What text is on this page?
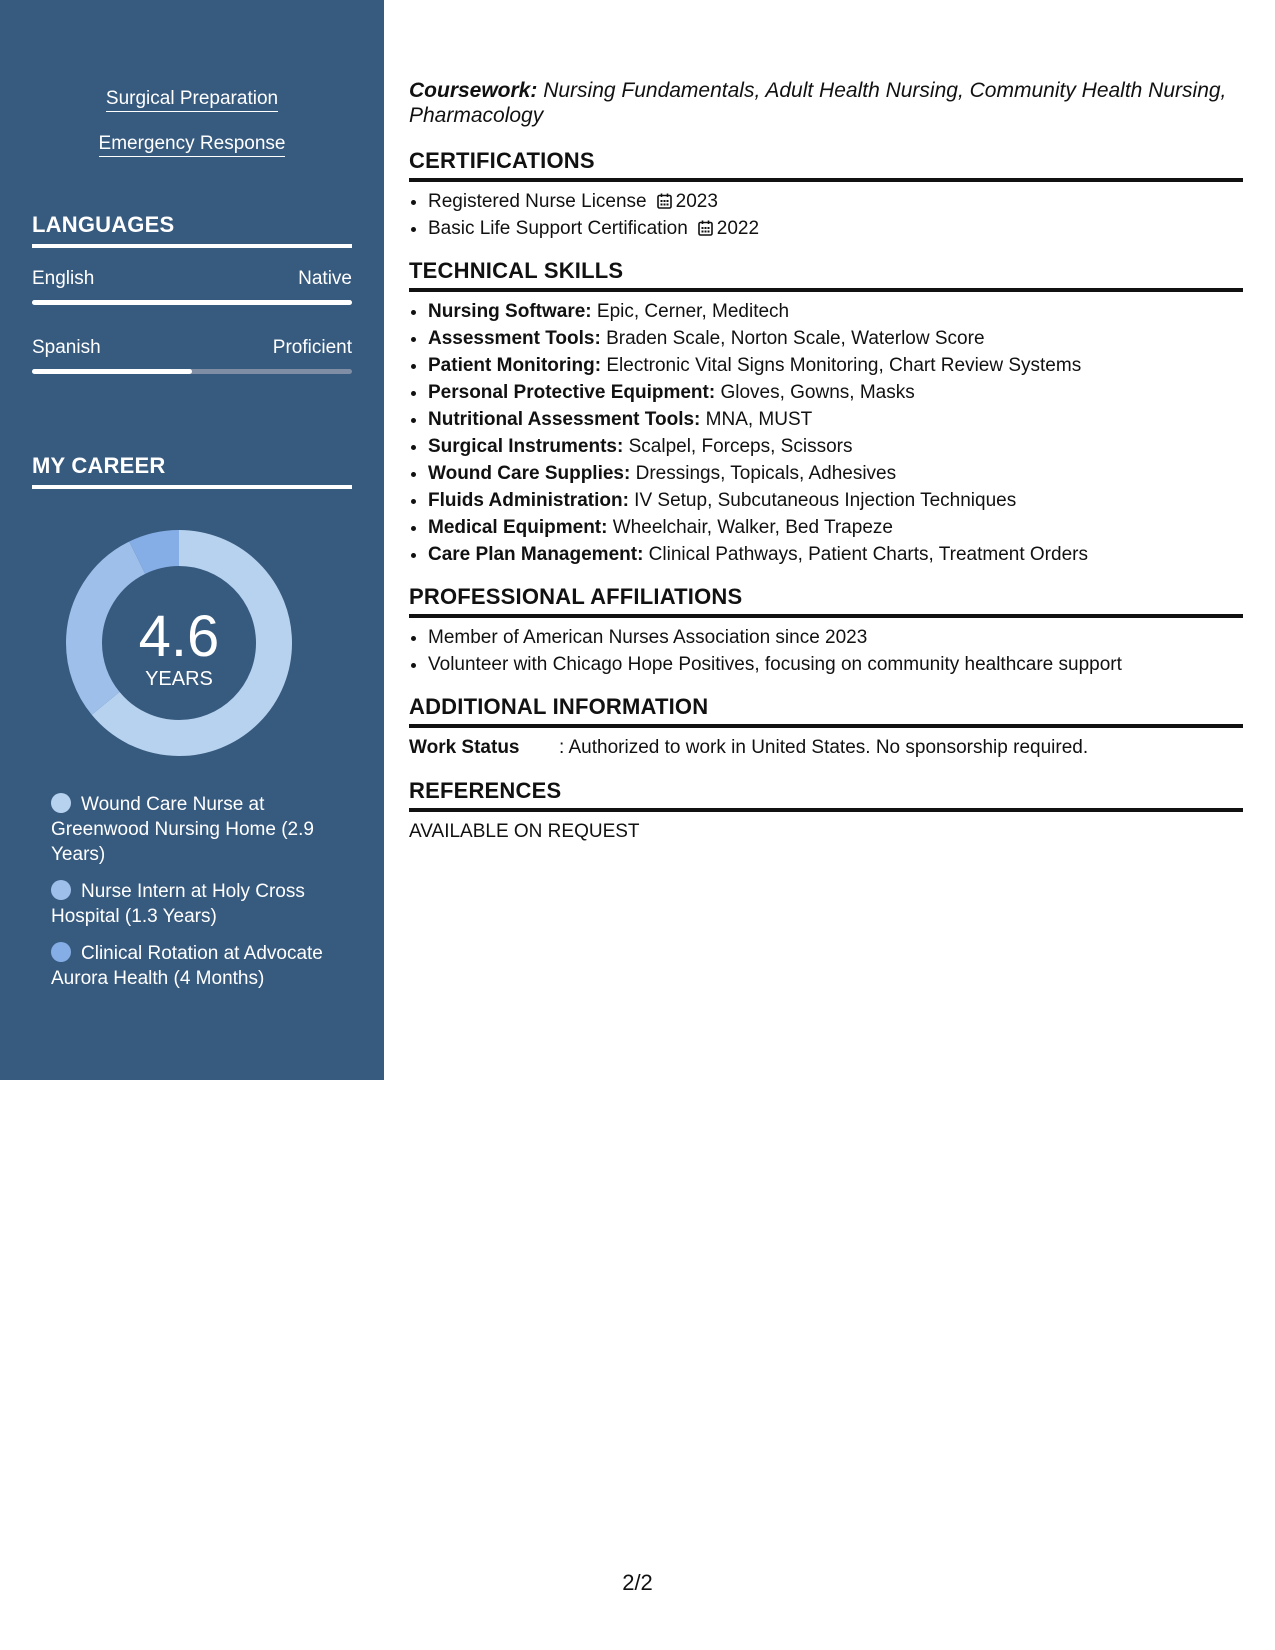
Surgical Preparation
Emergency Response
LANGUAGES
English	Native
Spanish	Proficient
MY CAREER
4.6
YEARS
Wound Care Nurse at Greenwood Nursing Home (2.9 Years)
Nurse Intern at Holy Cross Hospital (1.3 Years)
Clinical Rotation at Advocate Aurora Health (4 Months)
Coursework: Nursing Fundamentals, Adult Health Nursing, Community Health Nursing, Pharmacology
CERTIFICATIONS
• Registered Nurse License 2023
• Basic Life Support Certification 2022
TECHNICAL SKILLS
• Nursing Software: Epic, Cerner, Meditech
• Assessment Tools: Braden Scale, Norton Scale, Waterlow Score
• Patient Monitoring: Electronic Vital Signs Monitoring, Chart Review Systems
• Personal Protective Equipment: Gloves, Gowns, Masks
• Nutritional Assessment Tools: MNA, MUST
• Surgical Instruments: Scalpel, Forceps, Scissors
• Wound Care Supplies: Dressings, Topicals, Adhesives
• Fluids Administration: IV Setup, Subcutaneous Injection Techniques
• Medical Equipment: Wheelchair, Walker, Bed Trapeze
• Care Plan Management: Clinical Pathways, Patient Charts, Treatment Orders
PROFESSIONAL AFFILIATIONS
• Member of American Nurses Association since 2023
• Volunteer with Chicago Hope Positives, focusing on community healthcare support
ADDITIONAL INFORMATION
Work Status : Authorized to work in United States. No sponsorship required.
REFERENCES
AVAILABLE ON REQUEST
2/2
